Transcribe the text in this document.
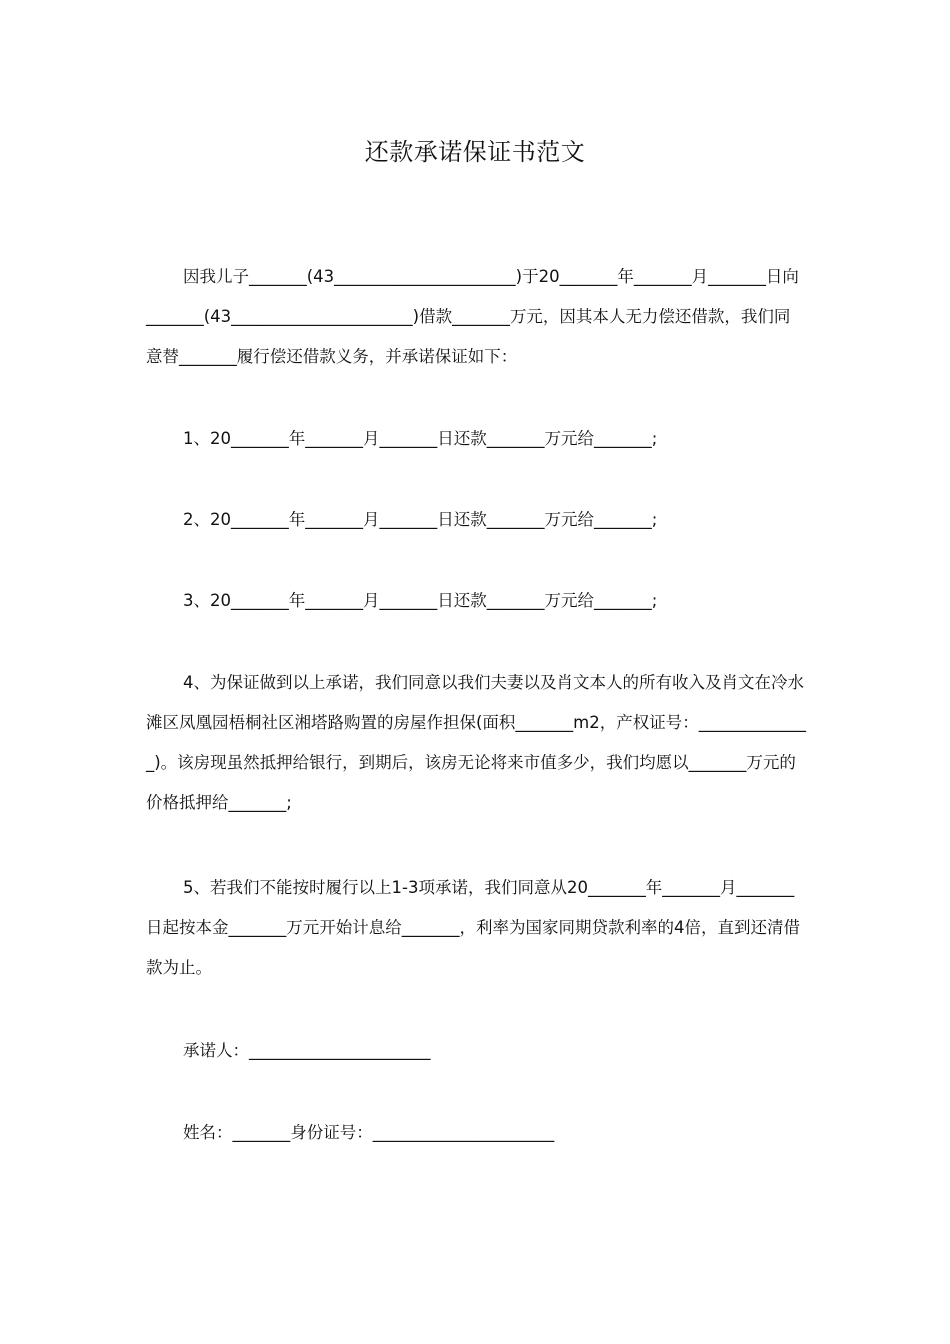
还款承诺保证书范文
因我儿子_______(43______________________)于20_______年_______月_______日向_______(43______________________)借款_______万元，因其本人无力偿还借款，我们同意替_______履行偿还借款义务，并承诺保证如下：
1、20_______年_______月_______日还款_______万元给_______;
2、20_______年_______月_______日还款_______万元给_______;
3、20_______年_______月_______日还款_______万元给_______;
4、为保证做到以上承诺，我们同意以我们夫妻以及肖文本人的所有收入及肖文在冷水滩区凤凰园梧桐社区湘塔路购置的房屋作担保(面积_______m2，产权证号：______________)。该房现虽然抵押给银行，到期后，该房无论将来市值多少，我们均愿以_______万元的价格抵押给_______;
5、若我们不能按时履行以上1-3项承诺，我们同意从20_______年_______月_______日起按本金_______万元开始计息给_______，利率为国家同期贷款利率的4倍，直到还清借款为止。
承诺人：______________________
姓名：_______身份证号：______________________
